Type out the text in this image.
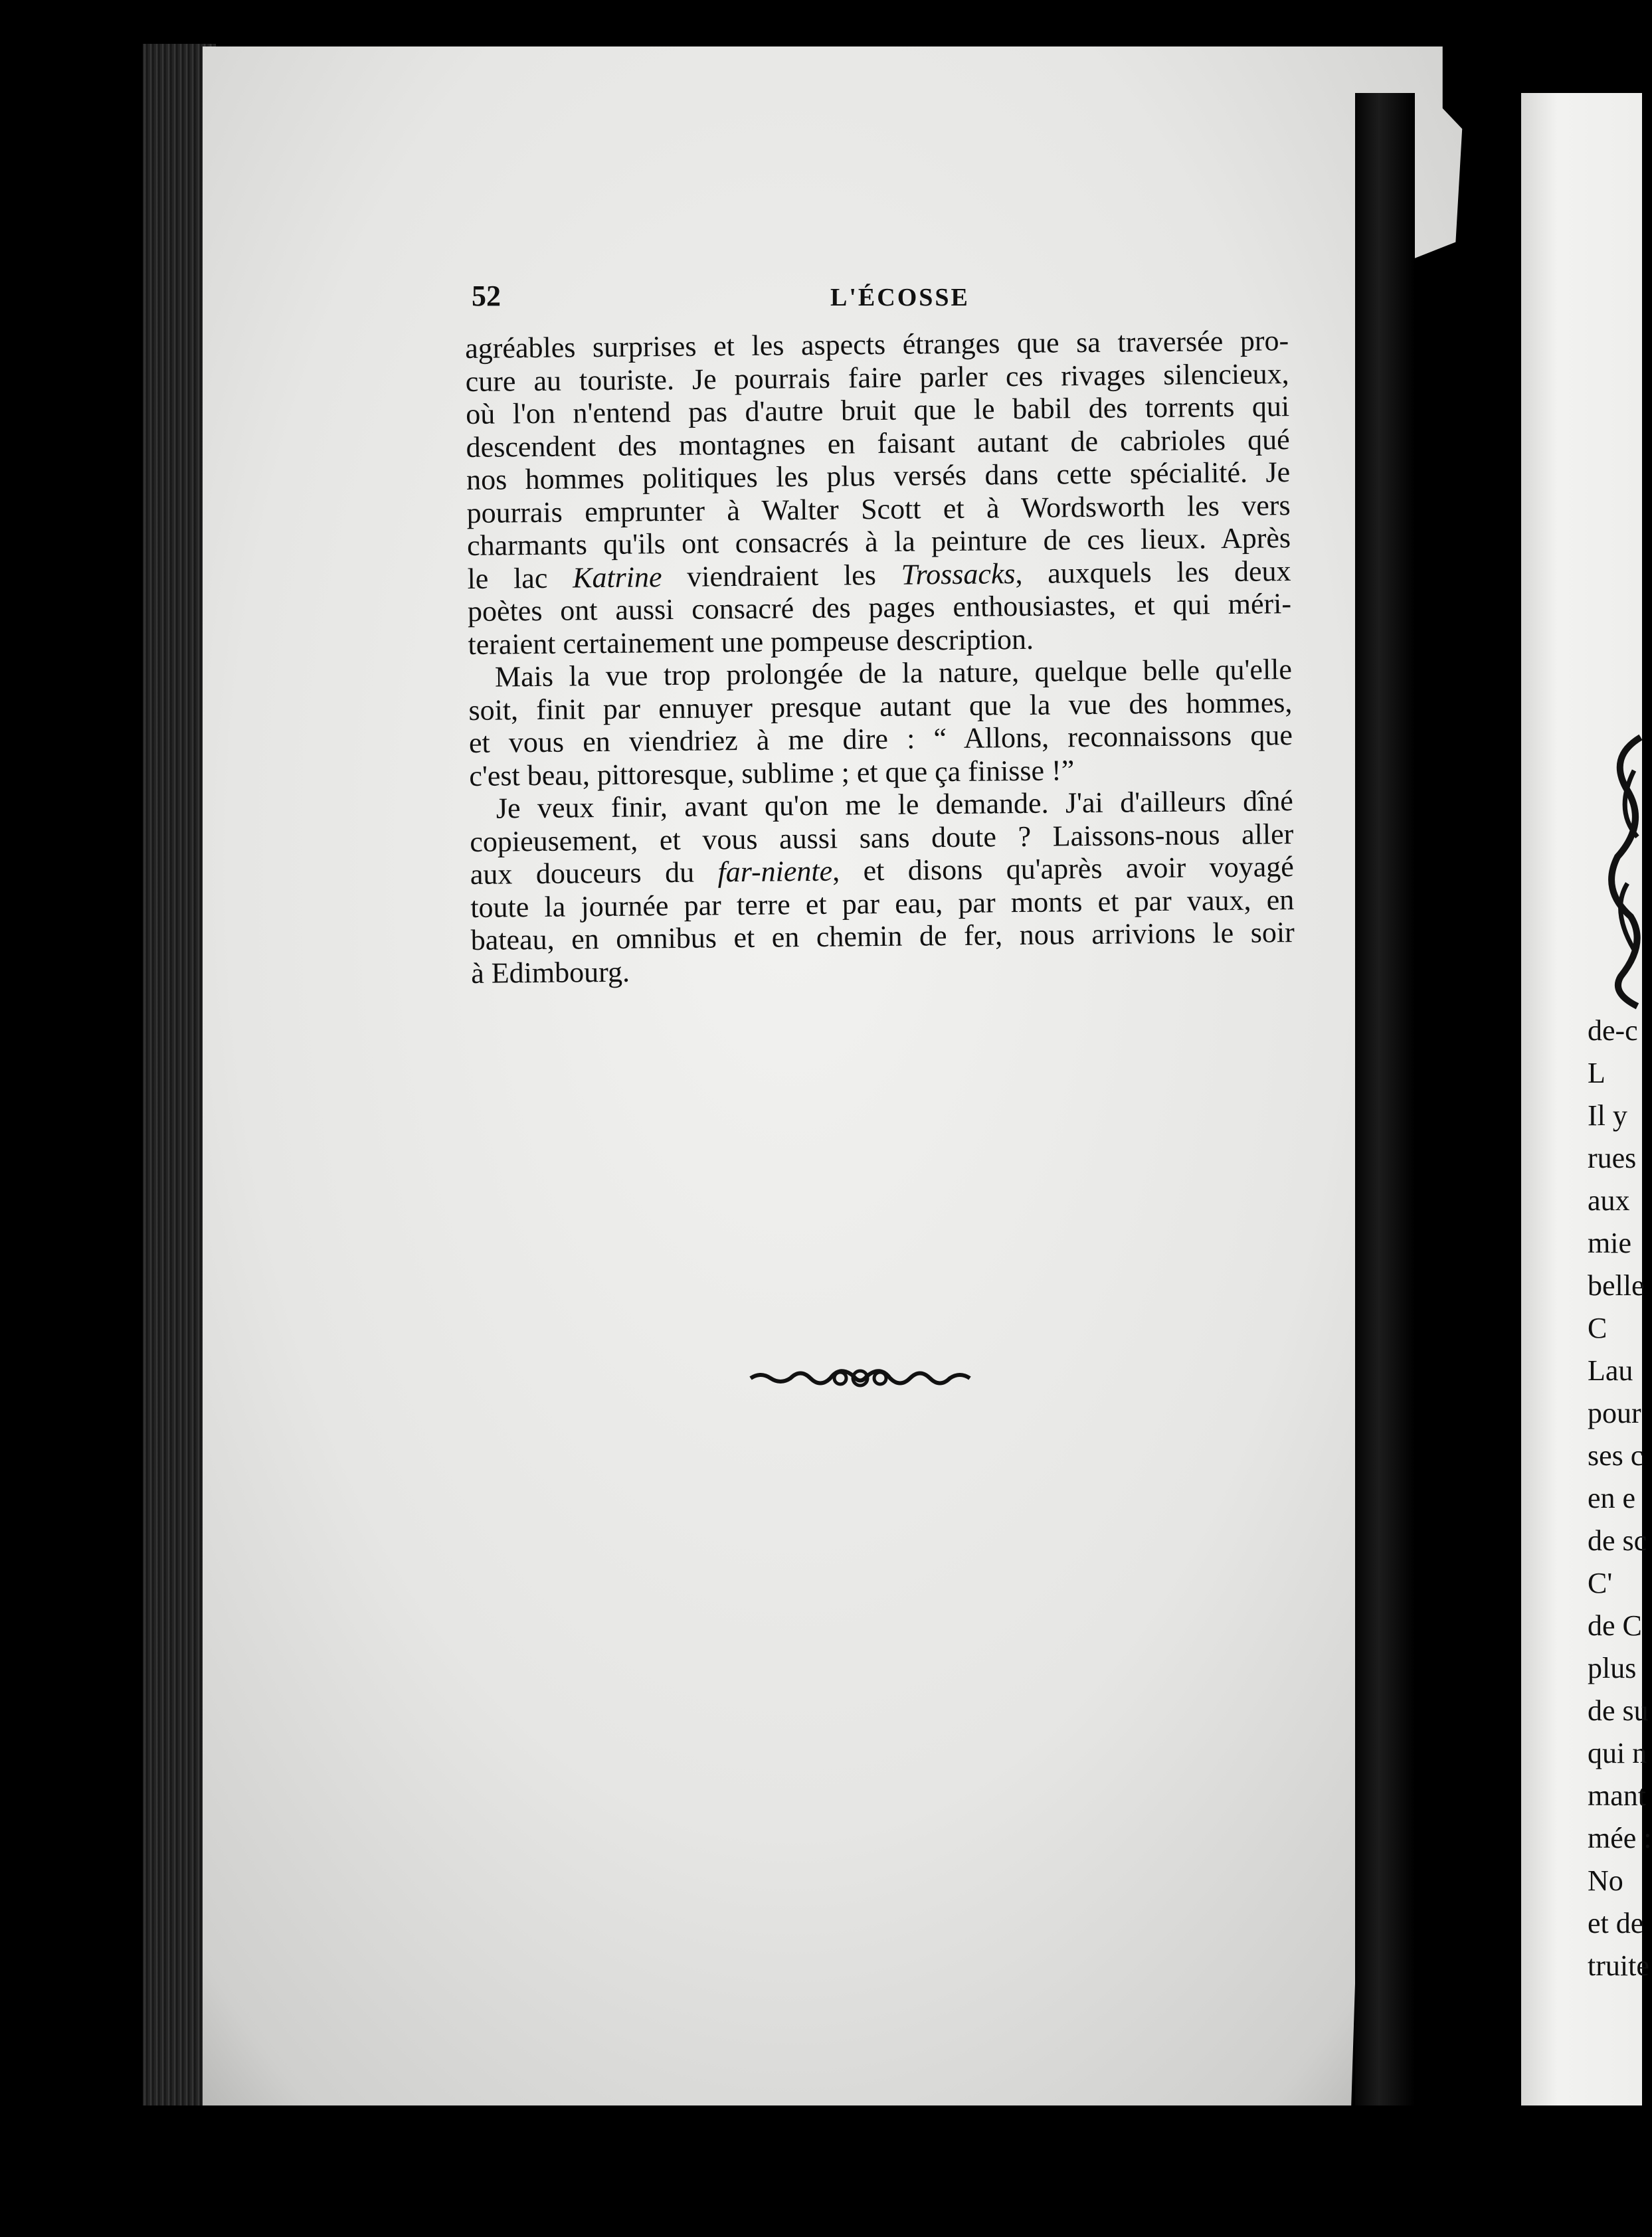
52	L'ÉCOSSE
agréables surprises et les aspects étranges que sa traversée pro-
cure au touriste. Je pourrais faire parler ces rivages silencieux,
où l'on n'entend pas d'autre bruit que le babil des torrents qui
descendent des montagnes en faisant autant de cabrioles qué
nos hommes politiques les plus versés dans cette spécialité. Je
pourrais emprunter à Walter Scott et à Wordsworth les vers
charmants qu'ils ont consacrés à la peinture de ces lieux. Après
le lac Katrine viendraient les Trossacks, auxquels les deux
poètes ont aussi consacré des pages enthousiastes, et qui méri-
teraient certainement une pompeuse description.
Mais la vue trop prolongée de la nature, quelque belle qu'elle
soit, finit par ennuyer presque autant que la vue des hommes,
et vous en viendriez à me dire : “ Allons, reconnaissons que
c'est beau, pittoresque, sublime ; et que ça finisse !”
Je veux finir, avant qu'on me le demande. J'ai d'ailleurs dîné
copieusement, et vous aussi sans doute ? Laissons-nous aller
aux douceurs du far-niente, et disons qu'après avoir voyagé
toute la journée par terre et par eau, par monts et par vaux, en
bateau, en omnibus et en chemin de fer, nous arrivions le soir
à Edimbourg.
de-c
L
Il y
rues
aux
mie
belle
C
Lau
pour
ses c
en e
de sc
C'
de C
plus
de su
qui n
mant
mée :
No
et de
truite
